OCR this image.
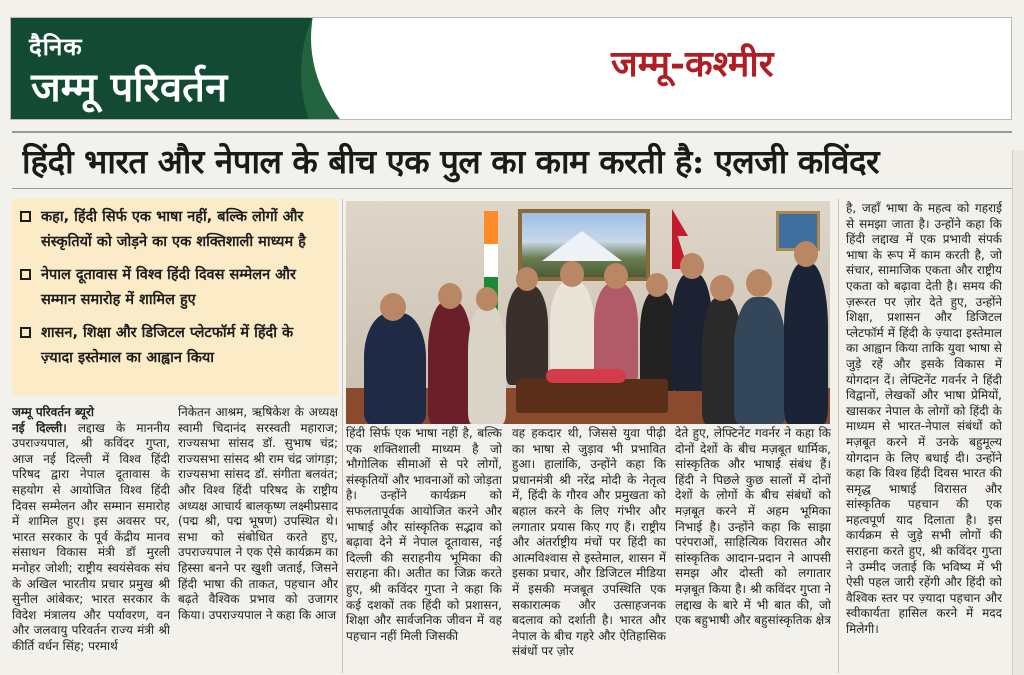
दैनिक
जम्मू परिवर्तन	जम्मू-कश्मीर
हिंदी भारत और नेपाल के बीच एक पुल का काम करती है: एलजी कविंदर
कहा, हिंदी सिर्फ एक भाषा नहीं, बल्कि लोगों और संस्कृतियों को जोड़ने का एक शक्तिशाली माध्यम है
नेपाल दूतावास में विश्व हिंदी दिवस सम्मेलन और सम्मान समारोह में शामिल हुए
शासन, शिक्षा और डिजिटल प्लेटफॉर्म में हिंदी के ज़्यादा इस्तेमाल का आह्वान किया

जम्मू परिवर्तन ब्यूरो
नई दिल्ली। लद्दाख के माननीय उपराज्यपाल, श्री कविंदर गुप्ता, आज नई दिल्ली में विश्व हिंदी परिषद द्वारा नेपाल दूतावास के सहयोग से आयोजित विश्व हिंदी दिवस सम्मेलन और सम्मान समारोह में शामिल हुए। इस अवसर पर, भारत सरकार के पूर्व केंद्रीय मानव संसाधन विकास मंत्री डॉ मुरली मनोहर जोशी; राष्ट्रीय स्वयंसेवक संघ के अखिल भारतीय प्रचार प्रमुख श्री सुनील आंबेकर; भारत सरकार के विदेश मंत्रालय और पर्यावरण, वन और जलवायु परिवर्तन राज्य मंत्री श्री कीर्ति वर्धन सिंह; परमार्थ

निकेतन आश्रम, ऋषिकेश के अध्यक्ष स्वामी चिदानंद सरस्वती महाराज; राज्यसभा सांसद डॉ. सुभाष चंद्र; राज्यसभा सांसद श्री राम चंद्र जांगड़ा; राज्यसभा सांसद डॉ. संगीता बलवंत; और विश्व हिंदी परिषद के राष्ट्रीय अध्यक्ष आचार्य बालकृष्ण लक्ष्मीप्रसाद (पद्म श्री, पद्म भूषण) उपस्थित थे। सभा को संबोधित करते हुए, उपराज्यपाल ने एक ऐसे कार्यक्रम का हिस्सा बनने पर खुशी जताई, जिसने हिंदी भाषा की ताकत, पहचान और बढ़ते वैश्विक प्रभाव को उजागर किया। उपराज्यपाल ने कहा कि आज

हिंदी सिर्फ एक भाषा नहीं है, बल्कि एक शक्तिशाली माध्यम है जो भौगोलिक सीमाओं से परे लोगों, संस्कृतियों और भावनाओं को जोड़ता है। उन्होंने कार्यक्रम को सफलतापूर्वक आयोजित करने और भाषाई और सांस्कृतिक सद्भाव को बढ़ावा देने में नेपाल दूतावास, नई दिल्ली की सराहनीय भूमिका की सराहना की। अतीत का जिक्र करते हुए, श्री कविंदर गुप्ता ने कहा कि कई दशकों तक हिंदी को प्रशासन, शिक्षा और सार्वजनिक जीवन में वह पहचान नहीं मिली जिसकी

वह हकदार थी, जिससे युवा पीढ़ी का भाषा से जुड़ाव भी प्रभावित हुआ। हालांकि, उन्होंने कहा कि प्रधानमंत्री श्री नरेंद्र मोदी के नेतृत्व में, हिंदी के गौरव और प्रमुखता को बहाल करने के लिए गंभीर और लगातार प्रयास किए गए हैं। राष्ट्रीय और अंतर्राष्ट्रीय मंचों पर हिंदी का आत्मविश्वास से इस्तेमाल, शासन में इसका प्रचार, और डिजिटल मीडिया में इसकी मजबूत उपस्थिति एक सकारात्मक और उत्साहजनक बदलाव को दर्शाती है। भारत और नेपाल के बीच गहरे और ऐतिहासिक संबंधों पर ज़ोर

देते हुए, लेफ्टिनेंट गवर्नर ने कहा कि दोनों देशों के बीच मज़बूत धार्मिक, सांस्कृतिक और भाषाई संबंध हैं। हिंदी ने पिछले कुछ सालों में दोनों देशों के लोगों के बीच संबंधों को मज़बूत करने में अहम भूमिका निभाई है। उन्होंने कहा कि साझा परंपराओं, साहित्यिक विरासत और सांस्कृतिक आदान-प्रदान ने आपसी समझ और दोस्ती को लगातार मज़बूत किया है। श्री कविंदर गुप्ता ने लद्दाख के बारे में भी बात की, जो एक बहुभाषी और बहुसांस्कृतिक क्षेत्र

है, जहाँ भाषा के महत्व को गहराई से समझा जाता है। उन्होंने कहा कि हिंदी लद्दाख में एक प्रभावी संपर्क भाषा के रूप में काम करती है, जो संचार, सामाजिक एकता और राष्ट्रीय एकता को बढ़ावा देती है। समय की ज़रूरत पर ज़ोर देते हुए, उन्होंने शिक्षा, प्रशासन और डिजिटल प्लेटफॉर्म में हिंदी के ज़्यादा इस्तेमाल का आह्वान किया ताकि युवा भाषा से जुड़े रहें और इसके विकास में योगदान दें। लेफ्टिनेंट गवर्नर ने हिंदी विद्वानों, लेखकों और भाषा प्रेमियों, खासकर नेपाल के लोगों को हिंदी के माध्यम से भारत-नेपाल संबंधों को मज़बूत करने में उनके बहुमूल्य योगदान के लिए बधाई दी। उन्होंने कहा कि विश्व हिंदी दिवस भारत की समृद्ध भाषाई विरासत और सांस्कृतिक पहचान की एक महत्वपूर्ण याद दिलाता है। इस कार्यक्रम से जुड़े सभी लोगों की सराहना करते हुए, श्री कविंदर गुप्ता ने उम्मीद जताई कि भविष्य में भी ऐसी पहल जारी रहेंगी और हिंदी को वैश्विक स्तर पर ज़्यादा पहचान और स्वीकार्यता हासिल करने में मदद मिलेगी।
